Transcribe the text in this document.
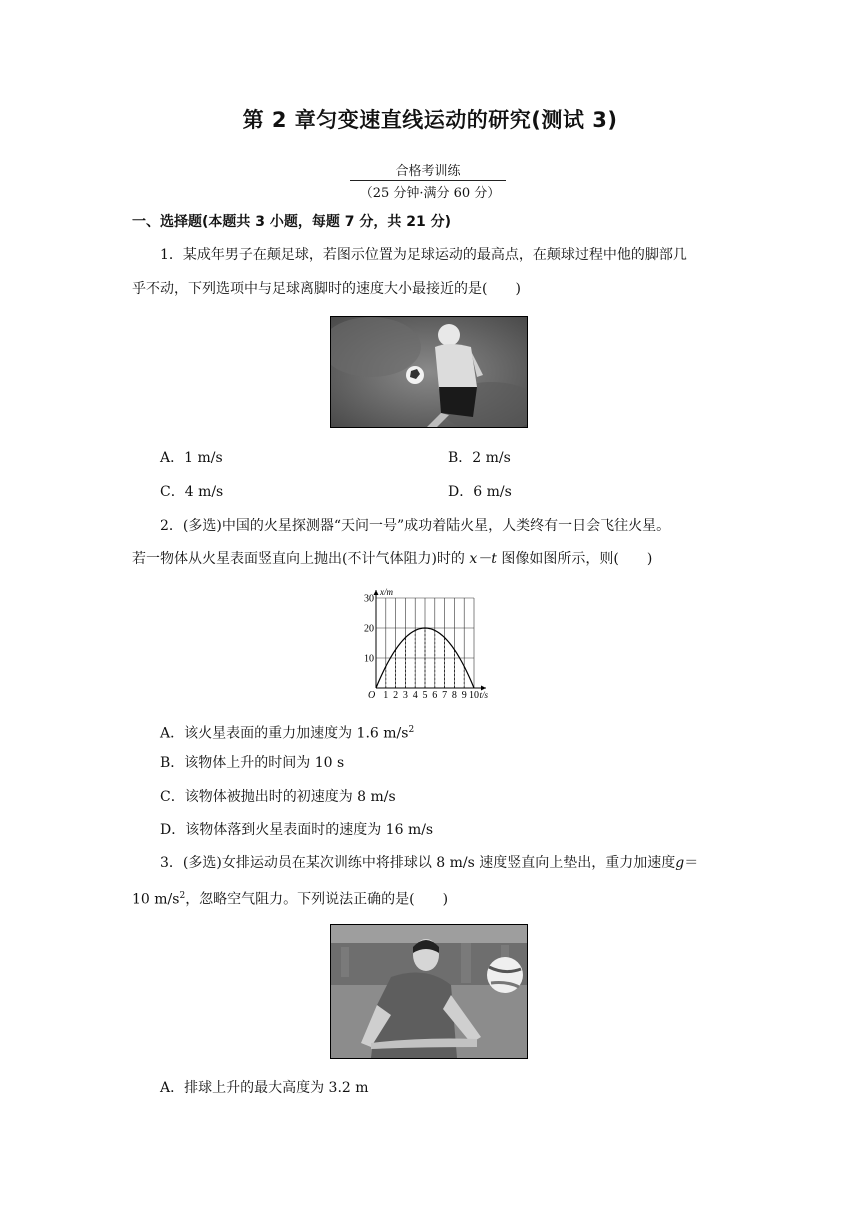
第 2 章匀变速直线运动的研究(测试 3)
合格考训练
（25 分钟·满分 60 分）
一、选择题(本题共 3 小题，每题 7 分，共 21 分)
1．某成年男子在颠足球，若图示位置为足球运动的最高点，在颠球过程中他的脚部几
乎不动，下列选项中与足球离脚时的速度大小最接近的是(　　)
A．1 m/s	B．2 m/s
C．4 m/s	D．6 m/s
2．(多选)中国的火星探测器“天问一号”成功着陆火星，人类终有一日会飞往火星。
若一物体从火星表面竖直向上抛出(不计气体阻力)时的 x－t 图像如图所示，则(　　)
10
20
30
1 2 3 4 5 6 7 8 9 10
O
x/m
t/s
A．该火星表面的重力加速度为 1.6 $m/s^2$
B．该物体上升的时间为 10 s
C．该物体被抛出时的初速度为 8 m/s
D．该物体落到火星表面时的速度为 16 m/s
3．(多选)女排运动员在某次训练中将排球以 8 m/s 速度竖直向上垫出，重力加速度g＝
10 $m/s^2$，忽略空气阻力。下列说法正确的是(　　)
A．排球上升的最大高度为 3.2 m
